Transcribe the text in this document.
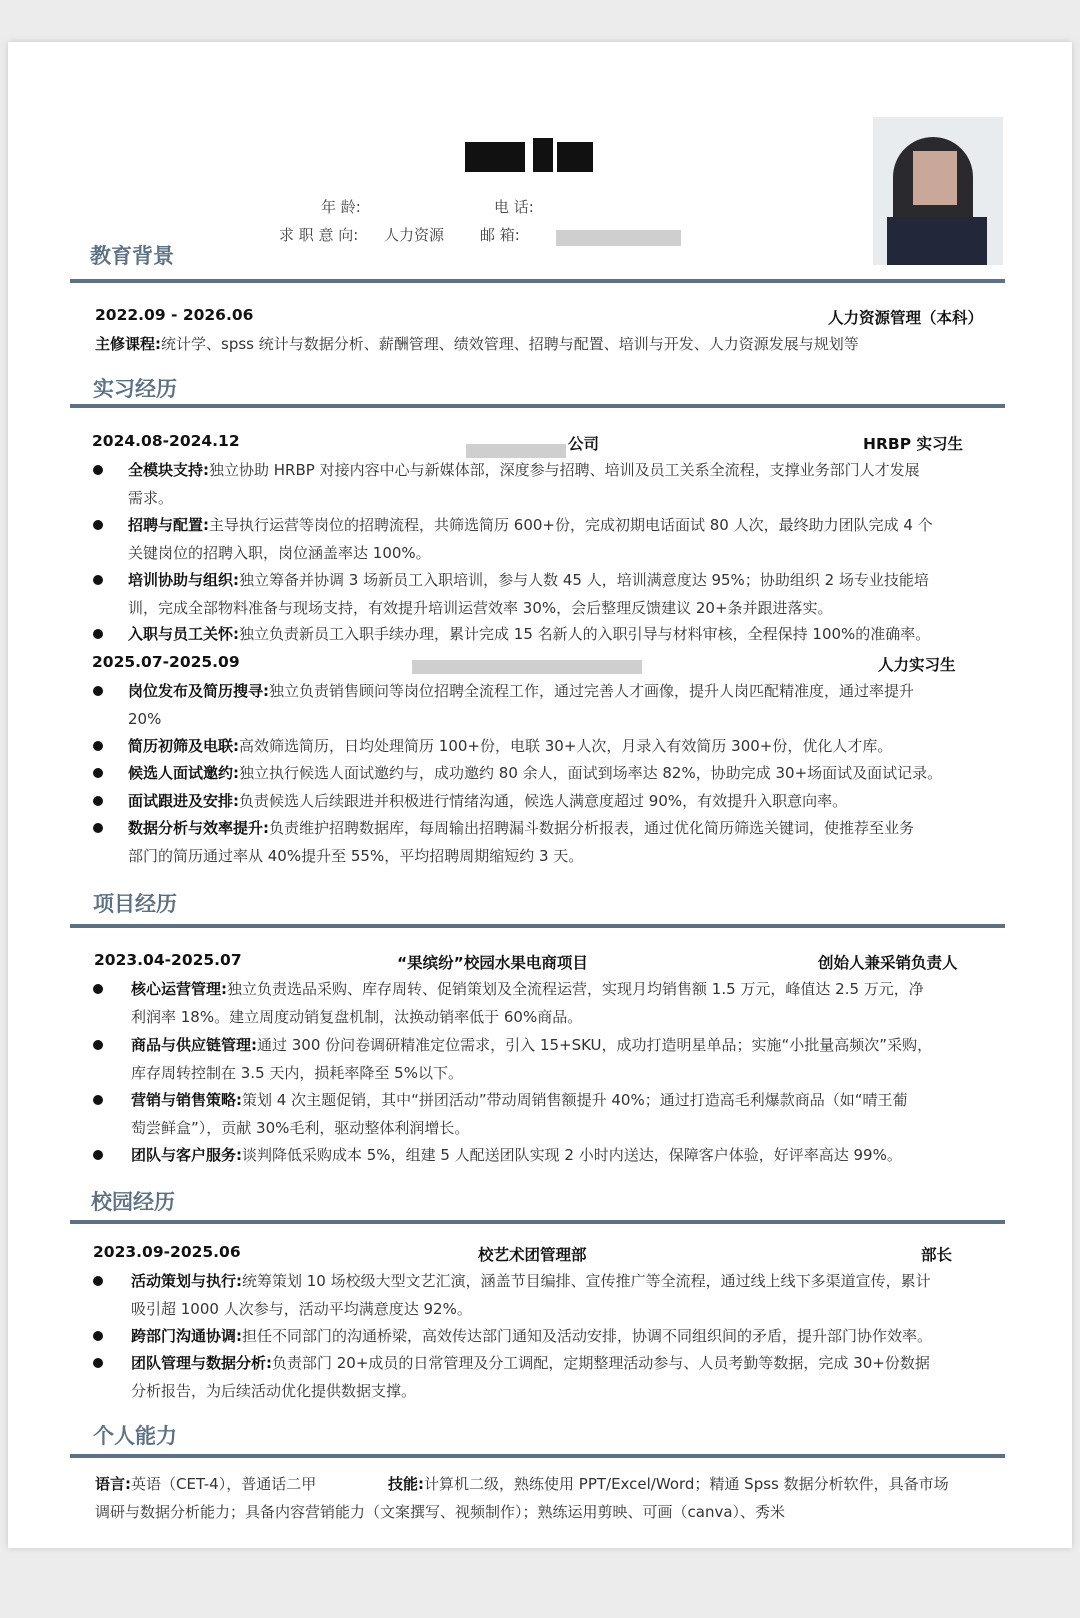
年 龄:	电 话:
求 职 意 向: 人力资源 邮 箱:
教育背景
2022.09 - 2026.06	人力资源管理（本科）
主修课程:统计学、spss 统计与数据分析、薪酬管理、绩效管理、招聘与配置、培训与开发、人力资源发展与规划等
实习经历
2024.08-2024.12	公司	HRBP 实习生
全模块支持:独立协助 HRBP 对接内容中心与新媒体部，深度参与招聘、培训及员工关系全流程，支撑业务部门人才发展
需求。
招聘与配置:主导执行运营等岗位的招聘流程，共筛选简历 600+份，完成初期电话面试 80 人次，最终助力团队完成 4 个
关键岗位的招聘入职，岗位涵盖率达 100%。
培训协助与组织:独立筹备并协调 3 场新员工入职培训，参与人数 45 人，培训满意度达 95%；协助组织 2 场专业技能培
训，完成全部物料准备与现场支持，有效提升培训运营效率 30%，会后整理反馈建议 20+条并跟进落实。
入职与员工关怀:独立负责新员工入职手续办理，累计完成 15 名新人的入职引导与材料审核，全程保持 100%的准确率。
2025.07-2025.09	人力实习生
岗位发布及简历搜寻:独立负责销售顾问等岗位招聘全流程工作，通过完善人才画像，提升人岗匹配精准度，通过率提升
20%
简历初筛及电联:高效筛选简历，日均处理简历 100+份，电联 30+人次，月录入有效简历 300+份，优化人才库。
候选人面试邀约:独立执行候选人面试邀约与，成功邀约 80 余人，面试到场率达 82%，协助完成 30+场面试及面试记录。
面试跟进及安排:负责候选人后续跟进并积极进行情绪沟通，候选人满意度超过 90%，有效提升入职意向率。
数据分析与效率提升:负责维护招聘数据库，每周输出招聘漏斗数据分析报表，通过优化简历筛选关键词，使推荐至业务
部门的简历通过率从 40%提升至 55%，平均招聘周期缩短约 3 天。
项目经历
2023.04-2025.07	“果缤纷”校园水果电商项目	创始人兼采销负责人
核心运营管理:独立负责选品采购、库存周转、促销策划及全流程运营，实现月均销售额 1.5 万元，峰值达 2.5 万元，净
利润率 18%。建立周度动销复盘机制，汰换动销率低于 60%商品。
商品与供应链管理:通过 300 份问卷调研精准定位需求，引入 15+SKU，成功打造明星单品；实施“小批量高频次”采购，
库存周转控制在 3.5 天内，损耗率降至 5%以下。
营销与销售策略:策划 4 次主题促销，其中“拼团活动”带动周销售额提升 40%；通过打造高毛利爆款商品（如“晴王葡
萄尝鲜盒”），贡献 30%毛利，驱动整体利润增长。
团队与客户服务:谈判降低采购成本 5%，组建 5 人配送团队实现 2 小时内送达，保障客户体验，好评率高达 99%。
校园经历
2023.09-2025.06	校艺术团管理部	部长
活动策划与执行:统筹策划 10 场校级大型文艺汇演，涵盖节目编排、宣传推广等全流程，通过线上线下多渠道宣传，累计
吸引超 1000 人次参与，活动平均满意度达 92%。
跨部门沟通协调:担任不同部门的沟通桥梁，高效传达部门通知及活动安排，协调不同组织间的矛盾，提升部门协作效率。
团队管理与数据分析:负责部门 20+成员的日常管理及分工调配，定期整理活动参与、人员考勤等数据，完成 30+份数据
分析报告，为后续活动优化提供数据支撑。
个人能力
语言:英语（CET-4），普通话二甲	技能:计算机二级，熟练使用 PPT/Excel/Word；精通 Spss 数据分析软件，具备市场
调研与数据分析能力；具备内容营销能力（文案撰写、视频制作）；熟练运用剪映、可画（canva）、秀米
